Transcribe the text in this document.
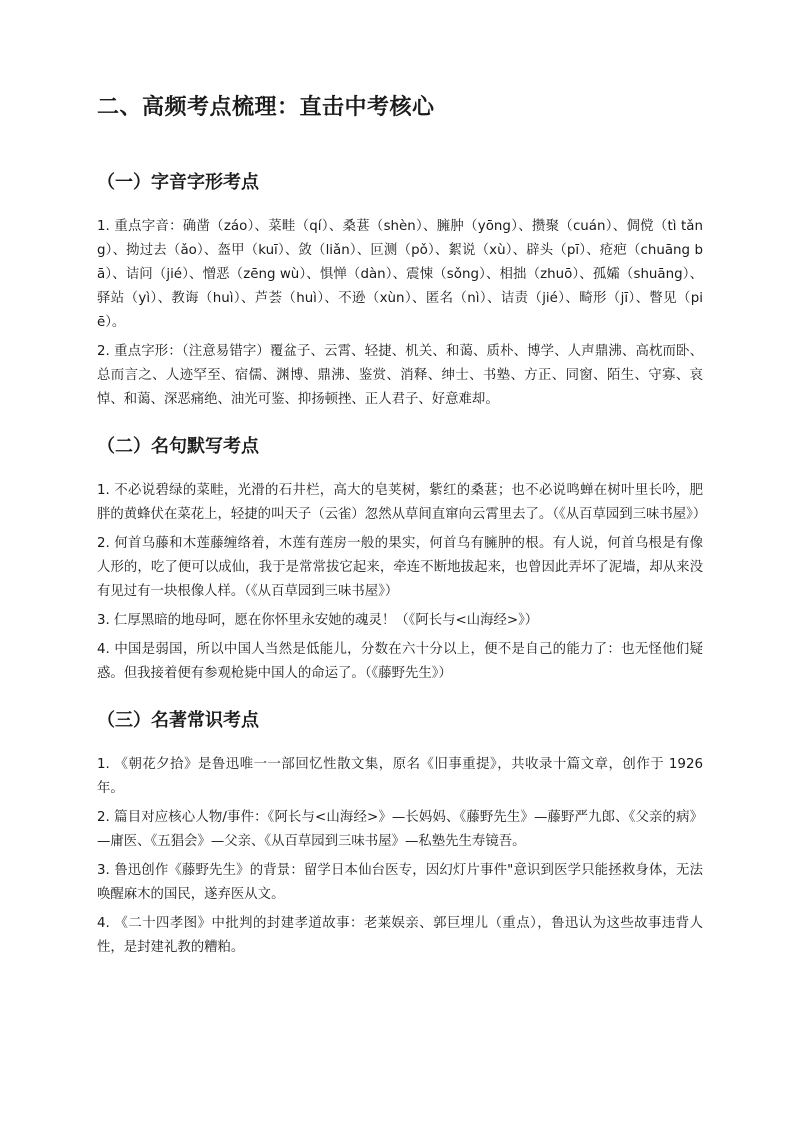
二、高频考点梳理：直击中考核心
（一）字音字形考点

1. 重点字音：确凿（záo）、菜畦（qí）、桑葚（shèn）、臃肿（yōng）、攒聚（cuán）、倜傥（tì tǎng）、拗过去（ǎo）、盔甲（kuī）、敛（liǎn）、叵测（pǒ）、絮说（xù）、辟头（pī）、疮疤（chuāng bā）、诘问（jié）、憎恶（zēng wù）、惧惮（dàn）、震悚（sǒng）、相拙（zhuō）、孤孀（shuāng）、驿站（yì）、教诲（huì）、芦荟（huì）、不逊（xùn）、匿名（nì）、诘责（jié）、畸形（jī）、瞥见（piē）。

2. 重点字形：（注意易错字）覆盆子、云霄、轻捷、机关、和蔼、质朴、博学、人声鼎沸、高枕而卧、总而言之、人迹罕至、宿儒、渊博、鼎沸、鉴赏、消释、绅士、书塾、方正、同窗、陌生、守寡、哀悼、和蔼、深恶痛绝、油光可鉴、抑扬顿挫、正人君子、好意难却。

（二）名句默写考点

1. 不必说碧绿的菜畦，光滑的石井栏，高大的皂荚树，紫红的桑葚；也不必说鸣蝉在树叶里长吟，肥胖的黄蜂伏在菜花上，轻捷的叫天子（云雀）忽然从草间直窜向云霄里去了。（《从百草园到三味书屋》）

2. 何首乌藤和木莲藤缠络着，木莲有莲房一般的果实，何首乌有臃肿的根。有人说，何首乌根是有像人形的，吃了便可以成仙，我于是常常拔它起来，牵连不断地拔起来，也曾因此弄坏了泥墙，却从来没有见过有一块根像人样。（《从百草园到三味书屋》）

3. 仁厚黑暗的地母呵，愿在你怀里永安她的魂灵！（《阿长与<山海经>》）

4. 中国是弱国，所以中国人当然是低能儿，分数在六十分以上，便不是自己的能力了：也无怪他们疑惑。但我接着便有参观枪毙中国人的命运了。（《藤野先生》）

（三）名著常识考点

1. 《朝花夕拾》是鲁迅唯一一部回忆性散文集，原名《旧事重提》，共收录十篇文章，创作于 1926 年。

2. 篇目对应核心人物/事件：《阿长与<山海经>》—长妈妈、《藤野先生》—藤野严九郎、《父亲的病》—庸医、《五猖会》—父亲、《从百草园到三味书屋》—私塾先生寿镜吾。

3. 鲁迅创作《藤野先生》的背景：留学日本仙台医专，因幻灯片事件"意识到医学只能拯救身体，无法唤醒麻木的国民，遂弃医从文。

4. 《二十四孝图》中批判的封建孝道故事：老莱娱亲、郭巨埋儿（重点），鲁迅认为这些故事违背人性，是封建礼教的糟粕。
